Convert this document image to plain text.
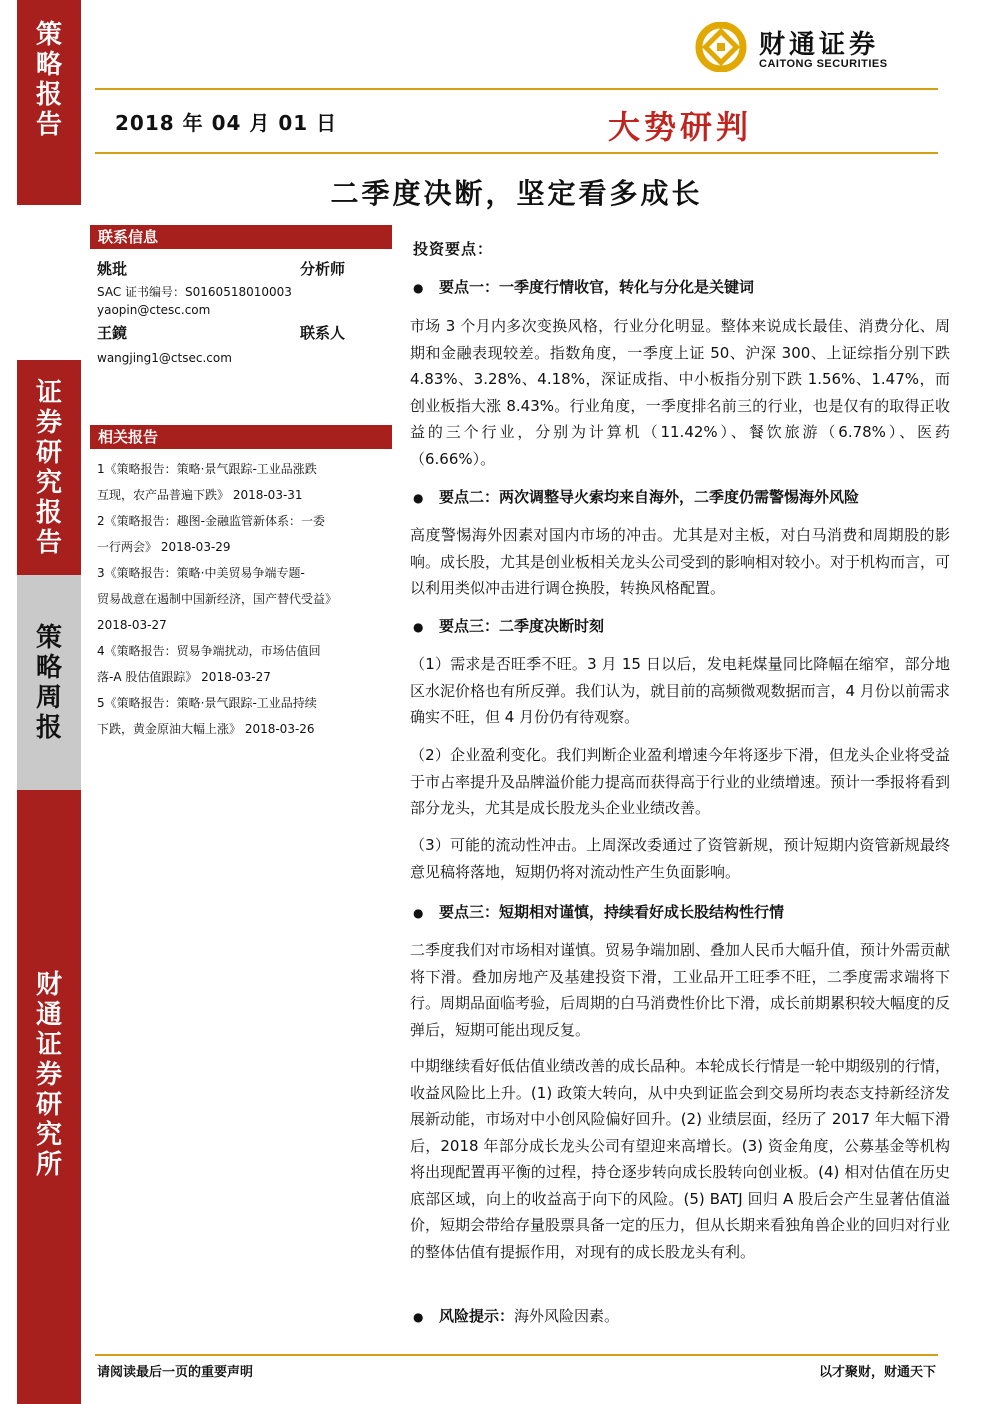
策
略
报
告
证
券
研
究
报
告
策
略
周
报
财
通
证
券
研
究
所
财通证券
CAITONG SECURITIES
2018 年 04 月 01 日	大势研判
二季度决断，坚定看多成长
联系信息
姚玭	分析师
SAC 证书编号：S0160518010003
yaopin@ctesc.com
王鏡	联系人
wangjing1@ctsec.com
相关报告
1《策略报告：策略·景气跟踪-工业品涨跌
互现，农产品普遍下跌》 2018-03-31
2《策略报告：趣图-金融监管新体系：一委
一行两会》 2018-03-29
3《策略报告：策略·中美贸易争端专题-
贸易战意在遏制中国新经济，国产替代受益》
2018-03-27
4《策略报告：贸易争端扰动，市场估值回
落-A 股估值跟踪》 2018-03-27
5《策略报告：策略·景气跟踪-工业品持续
下跌，黄金原油大幅上涨》 2018-03-26
投资要点：
● 要点一：一季度行情收官，转化与分化是关键词
市场 3 个月内多次变换风格，行业分化明显。整体来说成长最佳、消费分化、周期和金融表现较差。指数角度，一季度上证 50、沪深 300、上证综指分别下跌 4.83%、3.28%、4.18%，深证成指、中小板指分别下跌 1.56%、1.47%，而创业板指大涨 8.43%。行业角度，一季度排名前三的行业，也是仅有的取得正收益的三个行业，分别为计算机（11.42%）、餐饮旅游（6.78%）、医药（6.66%）。
● 要点二：两次调整导火索均来自海外，二季度仍需警惕海外风险
高度警惕海外因素对国内市场的冲击。尤其是对主板，对白马消费和周期股的影响。成长股，尤其是创业板相关龙头公司受到的影响相对较小。对于机构而言，可以利用类似冲击进行调仓换股，转换风格配置。
● 要点三：二季度决断时刻
（1）需求是否旺季不旺。3 月 15 日以后，发电耗煤量同比降幅在缩窄，部分地区水泥价格也有所反弹。我们认为，就目前的高频微观数据而言，4 月份以前需求确实不旺，但 4 月份仍有待观察。
（2）企业盈利变化。我们判断企业盈利增速今年将逐步下滑，但龙头企业将受益于市占率提升及品牌溢价能力提高而获得高于行业的业绩增速。预计一季报将看到部分龙头，尤其是成长股龙头企业业绩改善。
（3）可能的流动性冲击。上周深改委通过了资管新规，预计短期内资管新规最终意见稿将落地，短期仍将对流动性产生负面影响。
● 要点三：短期相对谨慎，持续看好成长股结构性行情
二季度我们对市场相对谨慎。贸易争端加剧、叠加人民币大幅升值，预计外需贡献将下滑。叠加房地产及基建投资下滑，工业品开工旺季不旺，二季度需求端将下行。周期品面临考验，后周期的白马消费性价比下滑，成长前期累积较大幅度的反弹后，短期可能出现反复。
中期继续看好低估值业绩改善的成长品种。本轮成长行情是一轮中期级别的行情，收益风险比上升。(1) 政策大转向，从中央到证监会到交易所均表态支持新经济发展新动能，市场对中小创风险偏好回升。(2) 业绩层面，经历了 2017 年大幅下滑后，2018 年部分成长龙头公司有望迎来高增长。(3) 资金角度，公募基金等机构将出现配置再平衡的过程，持仓逐步转向成长股转向创业板。(4) 相对估值在历史底部区域，向上的收益高于向下的风险。(5) BATJ 回归 A 股后会产生显著估值溢价，短期会带给存量股票具备一定的压力，但从长期来看独角兽企业的回归对行业的整体估值有提振作用，对现有的成长股龙头有利。
● 风险提示：海外风险因素。
请阅读最后一页的重要声明	以才聚财，财通天下
